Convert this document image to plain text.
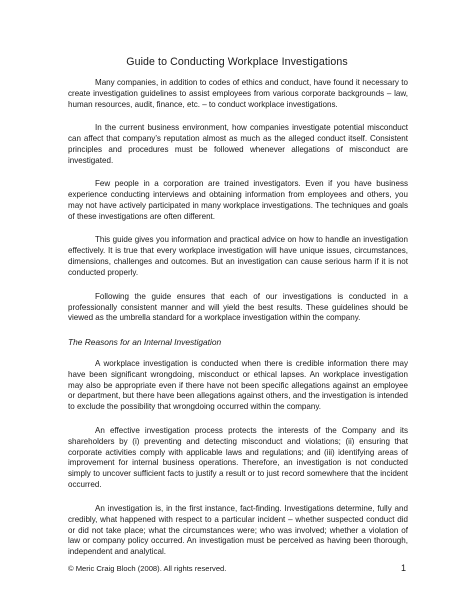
Guide to Conducting Workplace Investigations

Many companies, in addition to codes of ethics and conduct, have found it necessary to create investigation guidelines to assist employees from various corporate backgrounds – law, human resources, audit, finance, etc. – to conduct workplace investigations.

In the current business environment, how companies investigate potential misconduct can affect that company’s reputation almost as much as the alleged conduct itself. Consistent principles and procedures must be followed whenever allegations of misconduct are investigated.

Few people in a corporation are trained investigators. Even if you have business experience conducting interviews and obtaining information from employees and others, you may not have actively participated in many workplace investigations. The techniques and goals of these investigations are often different.

This guide gives you information and practical advice on how to handle an investigation effectively. It is true that every workplace investigation will have unique issues, circumstances, dimensions, challenges and outcomes. But an investigation can cause serious harm if it is not conducted properly.

Following the guide ensures that each of our investigations is conducted in a professionally consistent manner and will yield the best results. These guidelines should be viewed as the umbrella standard for a workplace investigation within the company.

The Reasons for an Internal Investigation

A workplace investigation is conducted when there is credible information there may have been significant wrongdoing, misconduct or ethical lapses. An workplace investigation may also be appropriate even if there have not been specific allegations against an employee or department, but there have been allegations against others, and the investigation is intended to exclude the possibility that wrongdoing occurred within the company.

An effective investigation process protects the interests of the Company and its shareholders by (i) preventing and detecting misconduct and violations; (ii) ensuring that corporate activities comply with applicable laws and regulations; and (iii) identifying areas of improvement for internal business operations. Therefore, an investigation is not conducted simply to uncover sufficient facts to justify a result or to just record somewhere that the incident occurred.

An investigation is, in the first instance, fact-finding. Investigations determine, fully and credibly, what happened with respect to a particular incident – whether suspected conduct did or did not take place; what the circumstances were; who was involved; whether a violation of law or company policy occurred. An investigation must be perceived as having been thorough, independent and analytical.

© Meric Craig Bloch (2008). All rights reserved.	1
